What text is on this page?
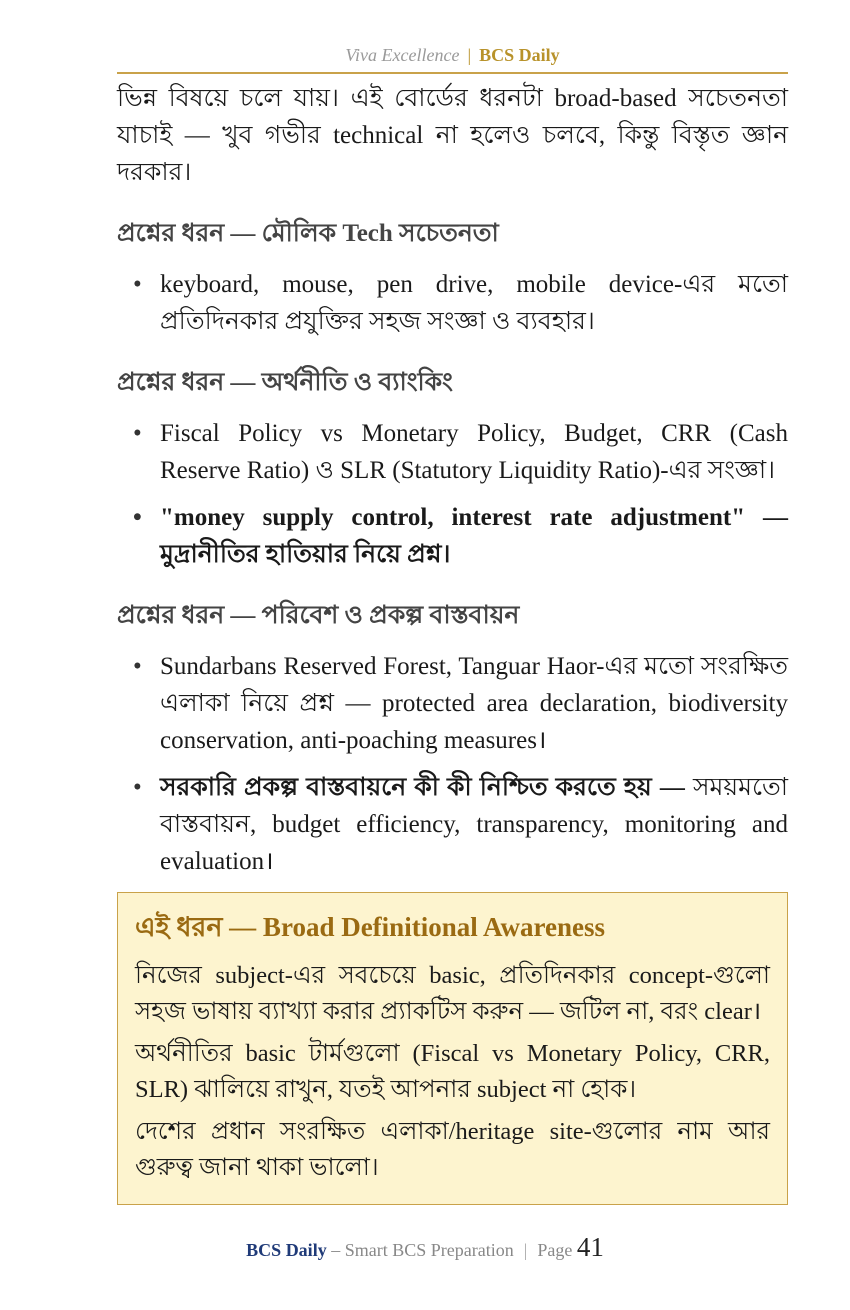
Viva Excellence | BCS Daily

ভিন্ন বিষয়ে চলে যায়। এই বোর্ডের ধরনটা broad-based সচেতনতা যাচাই — খুব গভীর technical না হলেও চলবে, কিন্তু বিস্তৃত জ্ঞান দরকার।

প্রশ্নের ধরন — মৌলিক Tech সচেতনতা
• keyboard, mouse, pen drive, mobile device-এর মতো প্রতিদিনকার প্রযুক্তির সহজ সংজ্ঞা ও ব্যবহার।
প্রশ্নের ধরন — অর্থনীতি ও ব্যাংকিং
• Fiscal Policy vs Monetary Policy, Budget, CRR (Cash Reserve Ratio) ও SLR (Statutory Liquidity Ratio)-এর সংজ্ঞা।
• "money supply control, interest rate adjustment" — মুদ্রানীতির হাতিয়ার নিয়ে প্রশ্ন।
প্রশ্নের ধরন — পরিবেশ ও প্রকল্প বাস্তবায়ন
• Sundarbans Reserved Forest, Tanguar Haor-এর মতো সংরক্ষিত এলাকা নিয়ে প্রশ্ন — protected area declaration, biodiversity conservation, anti-poaching measures।
• সরকারি প্রকল্প বাস্তবায়নে কী কী নিশ্চিত করতে হয় — সময়মতো বাস্তবায়ন, budget efficiency, transparency, monitoring and evaluation।
এই ধরন — Broad Definitional Awareness

নিজের subject-এর সবচেয়ে basic, প্রতিদিনকার concept-গুলো সহজ ভাষায় ব্যাখ্যা করার প্র্যাকটিস করুন — জটিল না, বরং clear।

অর্থনীতির basic টার্মগুলো (Fiscal vs Monetary Policy, CRR, SLR) ঝালিয়ে রাখুন, যতই আপনার subject না হোক।

দেশের প্রধান সংরক্ষিত এলাকা/heritage site-গুলোর নাম আর গুরুত্ব জানা থাকা ভালো।

BCS Daily – Smart BCS Preparation | Page 41
